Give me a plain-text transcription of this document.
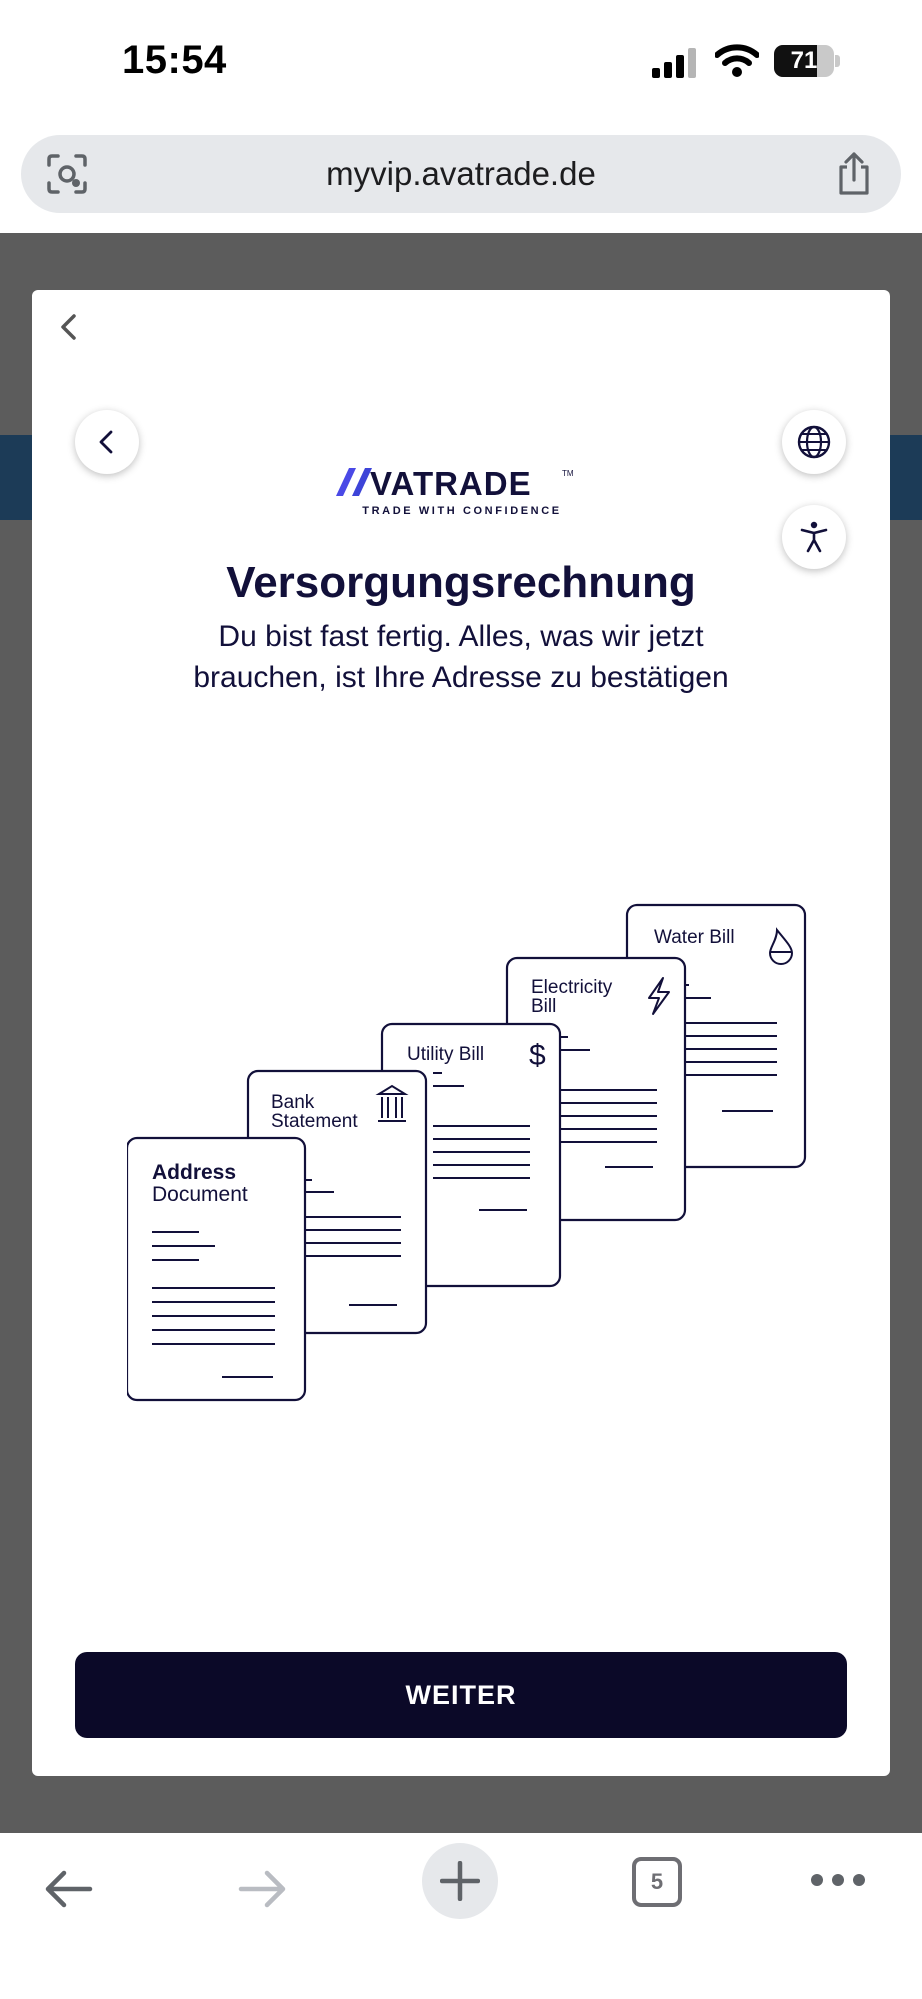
15:54	71
myvip.avatrade.de
VATRADE	TM
TRADE WITH CONFIDENCE
Versorgungsrechnung
Du bist fast fertig. Alles, was wir jetzt brauchen, ist Ihre Adresse zu bestätigen
Water Bill
Electricity
Bill
Utility Bill $
Bank
Statement
Address
Document
WEITER
5
